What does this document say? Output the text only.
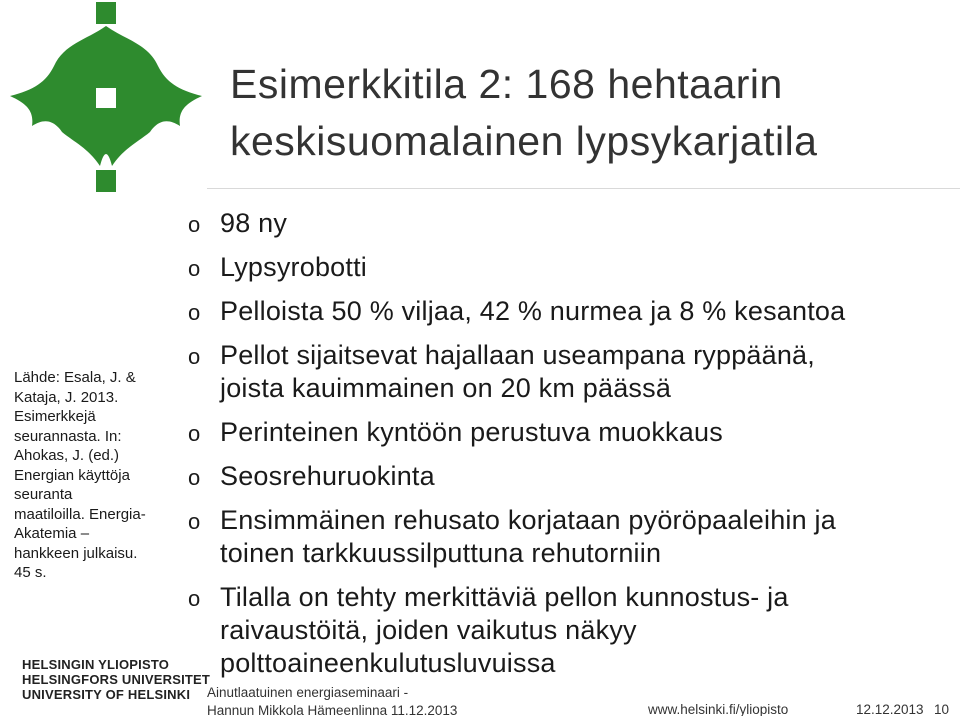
Esimerkkitila 2: 168 hehtaarin
keskisuomalainen lypsykarjatila
o 98 ny
o Lypsyrobotti
o Pelloista 50 % viljaa, 42 % nurmea ja 8 % kesantoa
o Pellot sijaitsevat hajallaan useampana ryppäänä,
joista kauimmainen on 20 km päässä
o Perinteinen kyntöön perustuva muokkaus
o Seosrehuruokinta
o Ensimmäinen rehusato korjataan pyöröpaaleihin ja
toinen tarkkuussilputtuna rehutorniin
o Tilalla on tehty merkittäviä pellon kunnostus- ja
raivaustöitä, joiden vaikutus näkyy
polttoaineenkulutusluvuissa
Lähde: Esala, J. &
Kataja, J. 2013.
Esimerkkejä
seurannasta. In:
Ahokas, J. (ed.)
Energian käyttöja
seuranta
maatiloilla. Energia-
Akatemia –
hankkeen julkaisu.
45 s.
HELSINGIN YLIOPISTO
HELSINGFORS UNIVERSITET
UNIVERSITY OF HELSINKI	Ainutlaatuinen energiaseminaari -
Hannun Mikkola Hämeenlinna 11.12.2013	www.helsinki.fi/yliopisto	12.12.2013 10
